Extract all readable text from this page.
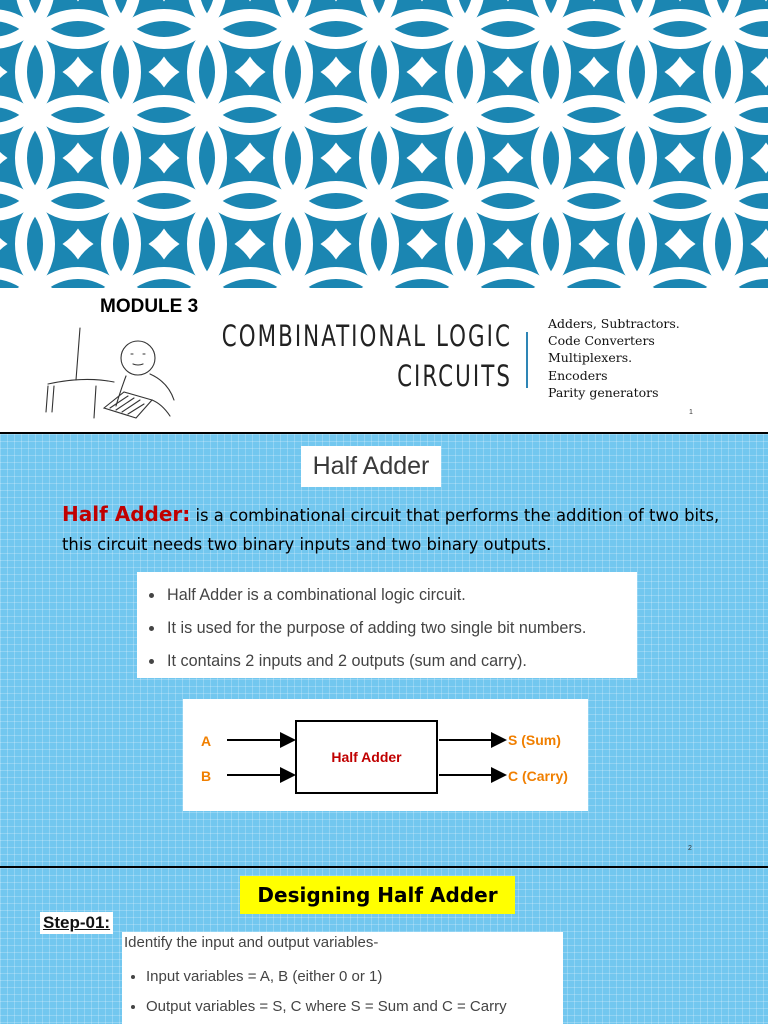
MODULE 3
COMBINATIONAL LOGIC
CIRCUITS
Adders, Subtractors.
Code Converters
Multiplexers.
Encoders
Parity generators
1
Half Adder
Half Adder: is a combinational circuit that performs the addition of two bits, this circuit needs two binary inputs and two binary outputs.
• Half Adder is a combinational logic circuit.
• It is used for the purpose of adding two single bit numbers.
• It contains 2 inputs and 2 outputs (sum and carry).
A
B
Half Adder
S (Sum)
C (Carry)
2
Designing Half Adder
Step-01:
Identify the input and output variables-
• Input variables = A, B (either 0 or 1)
• Output variables = S, C where S = Sum and C = Carry
